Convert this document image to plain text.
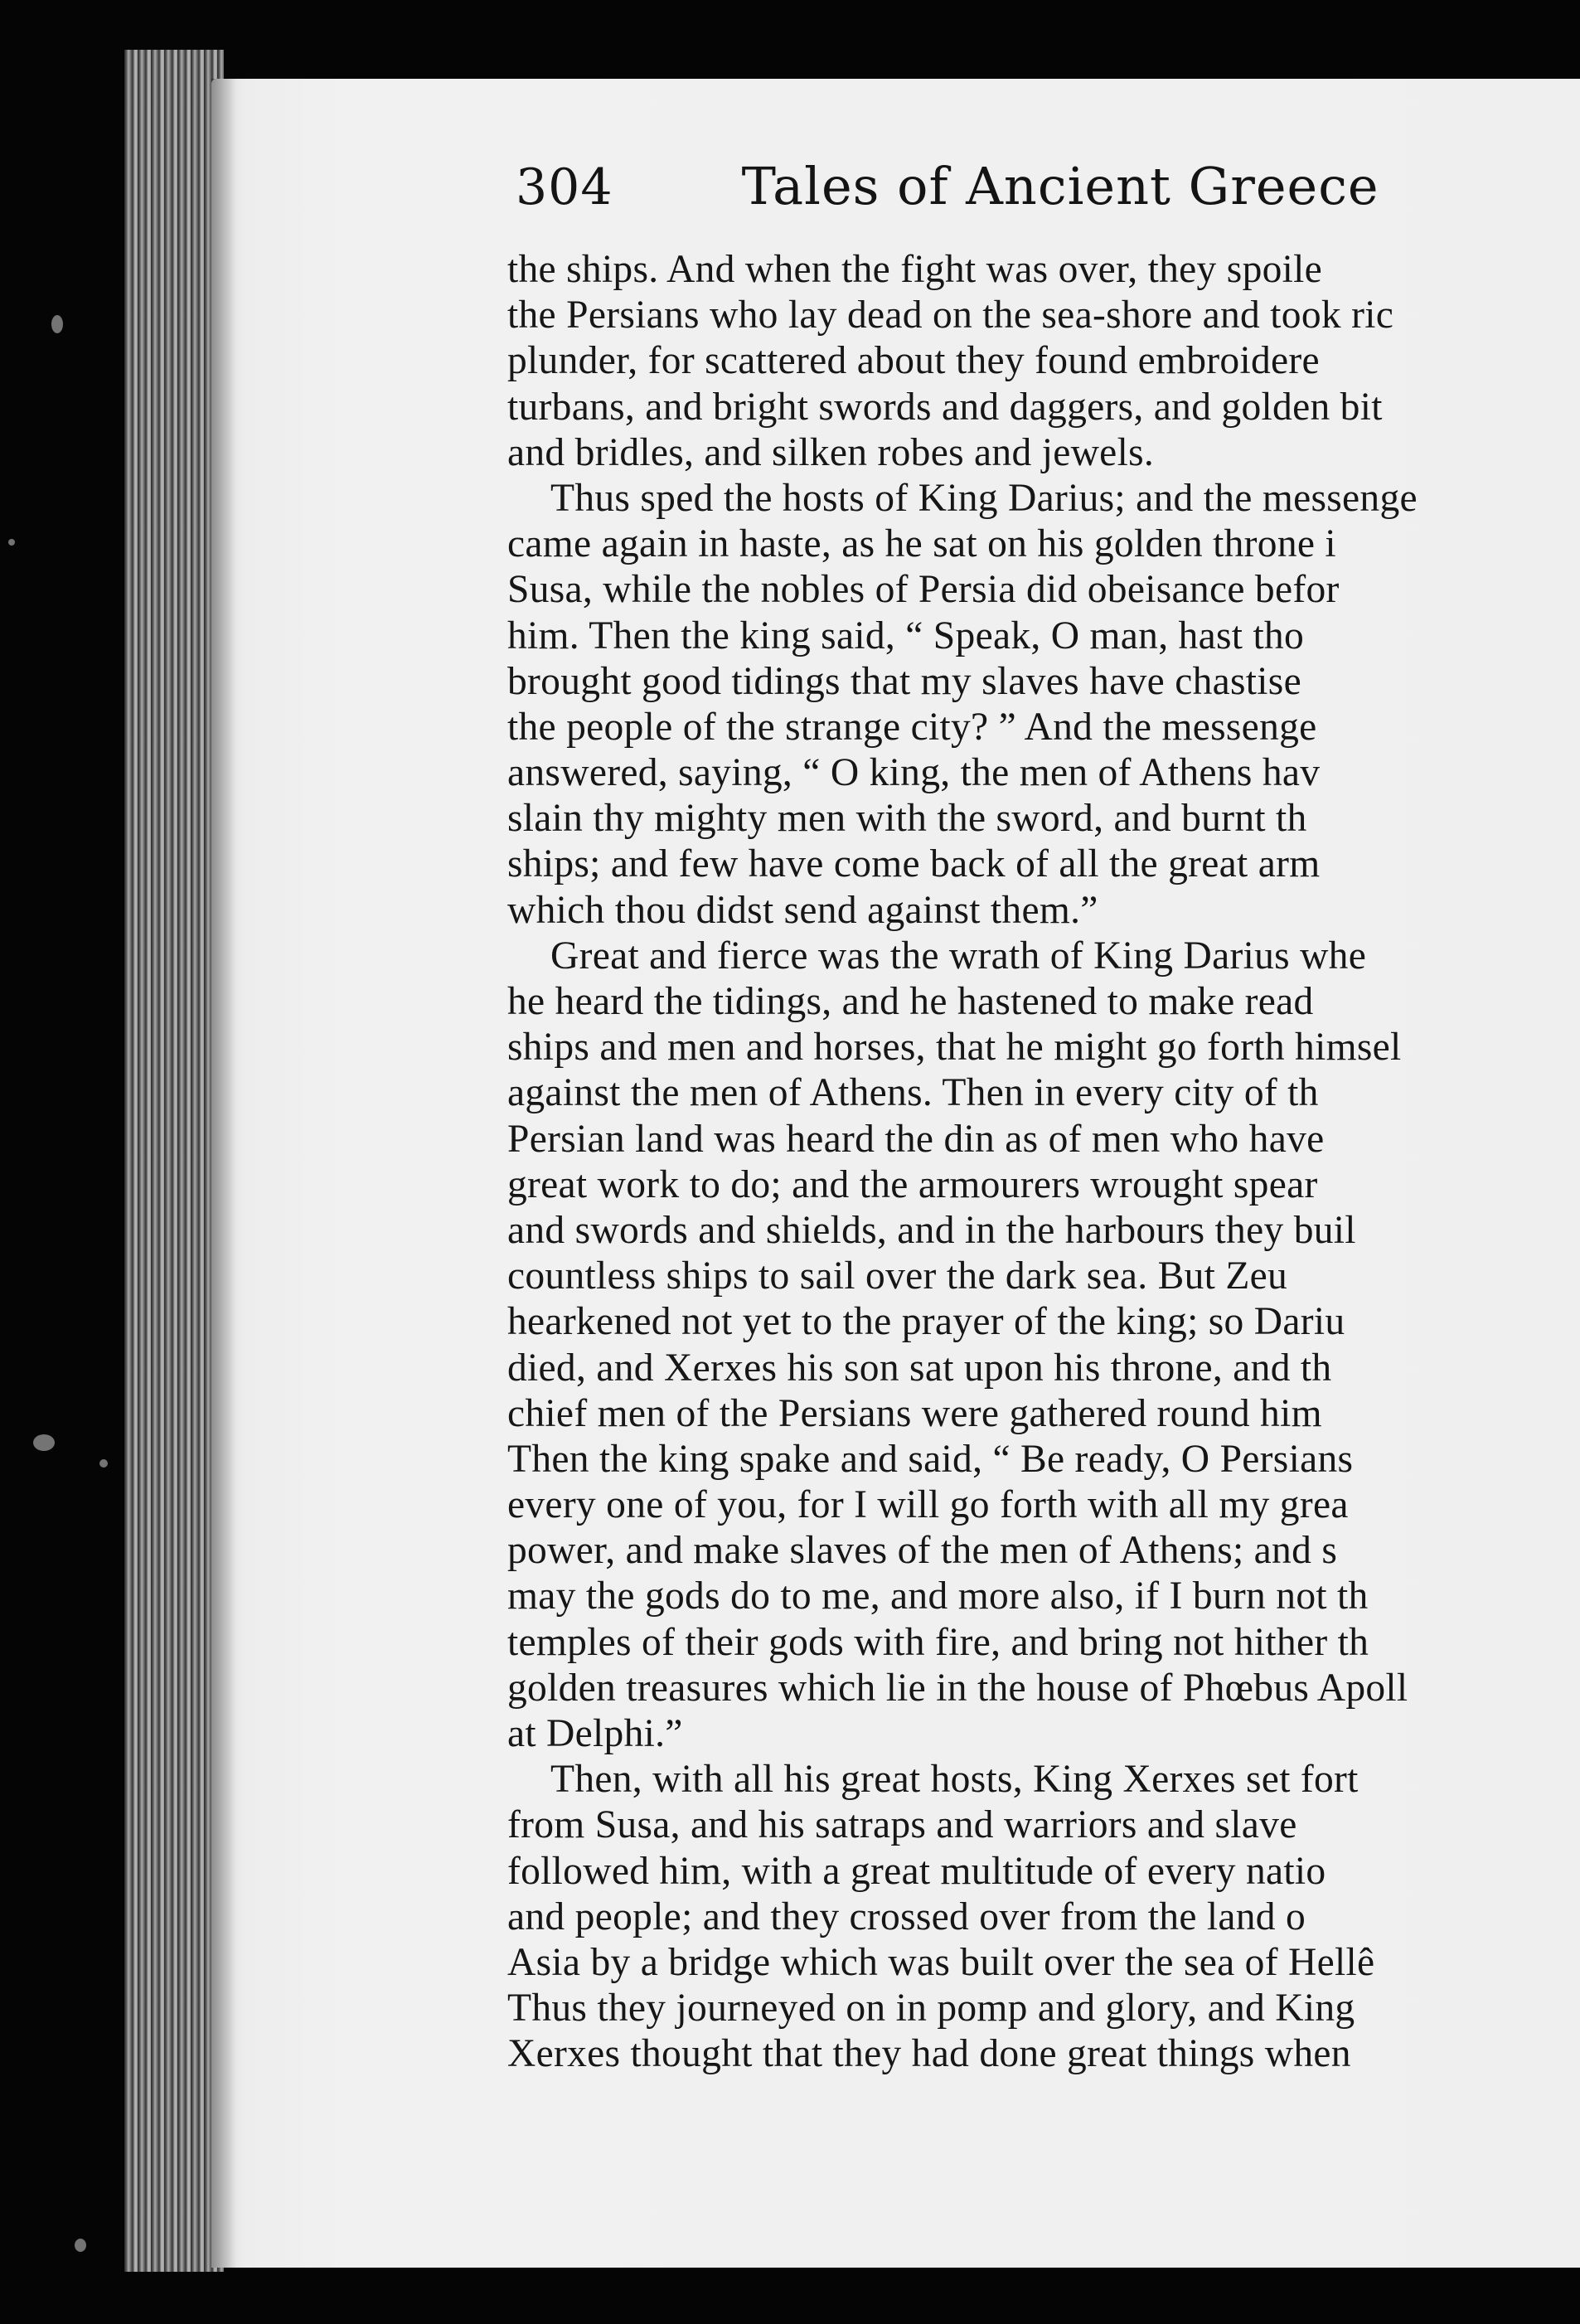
304	Tales of Ancient Greece
the ships. And when the fight was over, they spoile
the Persians who lay dead on the sea-shore and took ric
plunder, for scattered about they found embroidere
turbans, and bright swords and daggers, and golden bit
and bridles, and silken robes and jewels.
Thus sped the hosts of King Darius; and the messenge
came again in haste, as he sat on his golden throne i
Susa, while the nobles of Persia did obeisance befor
him. Then the king said, “ Speak, O man, hast tho
brought good tidings that my slaves have chastise
the people of the strange city? ” And the messenge
answered, saying, “ O king, the men of Athens hav
slain thy mighty men with the sword, and burnt th
ships; and few have come back of all the great arm
which thou didst send against them.”
Great and fierce was the wrath of King Darius whe
he heard the tidings, and he hastened to make read
ships and men and horses, that he might go forth himsel
against the men of Athens. Then in every city of th
Persian land was heard the din as of men who have
great work to do; and the armourers wrought spear
and swords and shields, and in the harbours they buil
countless ships to sail over the dark sea. But Zeu
hearkened not yet to the prayer of the king; so Dariu
died, and Xerxes his son sat upon his throne, and th
chief men of the Persians were gathered round him
Then the king spake and said, “ Be ready, O Persians
every one of you, for I will go forth with all my grea
power, and make slaves of the men of Athens; and s
may the gods do to me, and more also, if I burn not th
temples of their gods with fire, and bring not hither th
golden treasures which lie in the house of Phœbus Apoll
at Delphi.”
Then, with all his great hosts, King Xerxes set fort
from Susa, and his satraps and warriors and slave
followed him, with a great multitude of every natio
and people; and they crossed over from the land o
Asia by a bridge which was built over the sea of Hellê
Thus they journeyed on in pomp and glory, and King
Xerxes thought that they had done great things when
